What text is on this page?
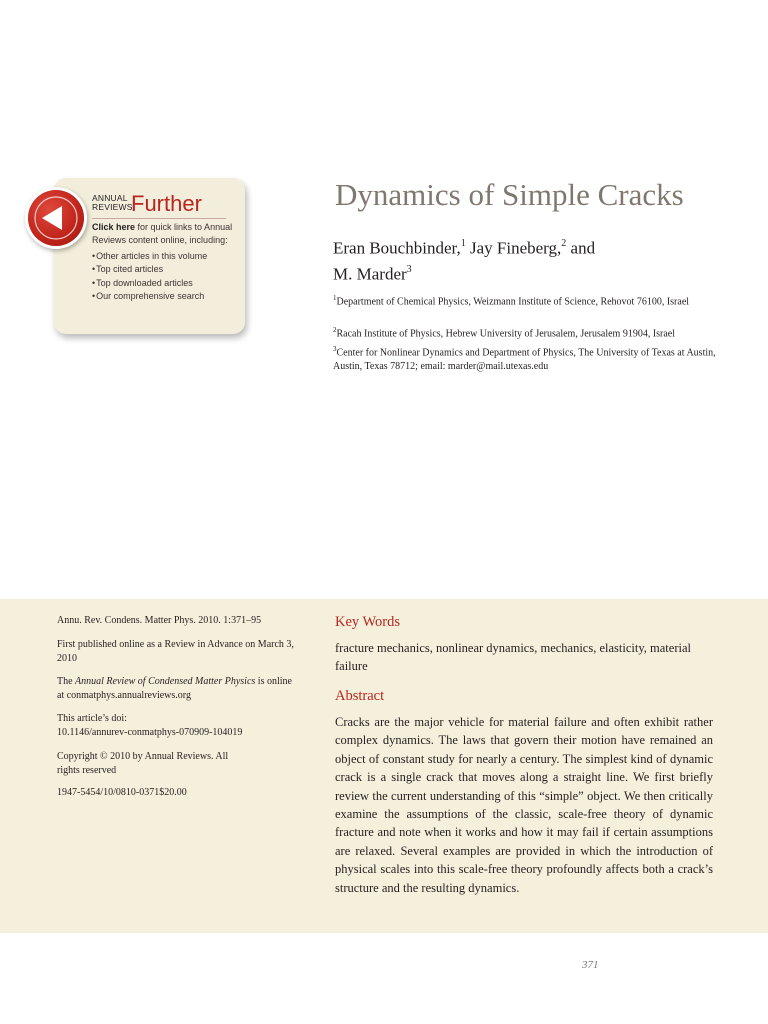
ANNUAL
REVIEWS
Further
Click here for quick links to Annual Reviews content online, including:
• Other articles in this volume
• Top cited articles
• Top downloaded articles
• Our comprehensive search
Dynamics of Simple Cracks
Eran Bouchbinder,$^1$ Jay Fineberg,$^2$ and
M. Marder$^3$
$^1$Department of Chemical Physics, Weizmann Institute of Science, Rehovot 76100, Israel
$^2$Racah Institute of Physics, Hebrew University of Jerusalem, Jerusalem 91904, Israel
$^3$Center for Nonlinear Dynamics and Department of Physics, The University of Texas at Austin, Austin, Texas 78712; email: marder@mail.utexas.edu
Annu. Rev. Condens. Matter Phys. 2010. 1:371–95
First published online as a Review in Advance on March 3, 2010
The Annual Review of Condensed Matter Physics is online at conmatphys.annualreviews.org
This article’s doi:
10.1146/annurev-conmatphys-070909-104019
Copyright © 2010 by Annual Reviews. All rights reserved
1947-5454/10/0810-0371$20.00
Key Words
fracture mechanics, nonlinear dynamics, mechanics, elasticity, material failure
Abstract

Cracks are the major vehicle for material failure and often exhibit rather complex dynamics. The laws that govern their motion have remained an object of constant study for nearly a century. The simplest kind of dynamic crack is a single crack that moves along a straight line. We first briefly review the current understanding of this “simple” object. We then critically examine the assumptions of the classic, scale-free theory of dynamic fracture and note when it works and how it may fail if certain assumptions are relaxed. Several examples are provided in which the introduction of physical scales into this scale-free theory profoundly affects both a crack’s structure and the resulting dynamics.

371
